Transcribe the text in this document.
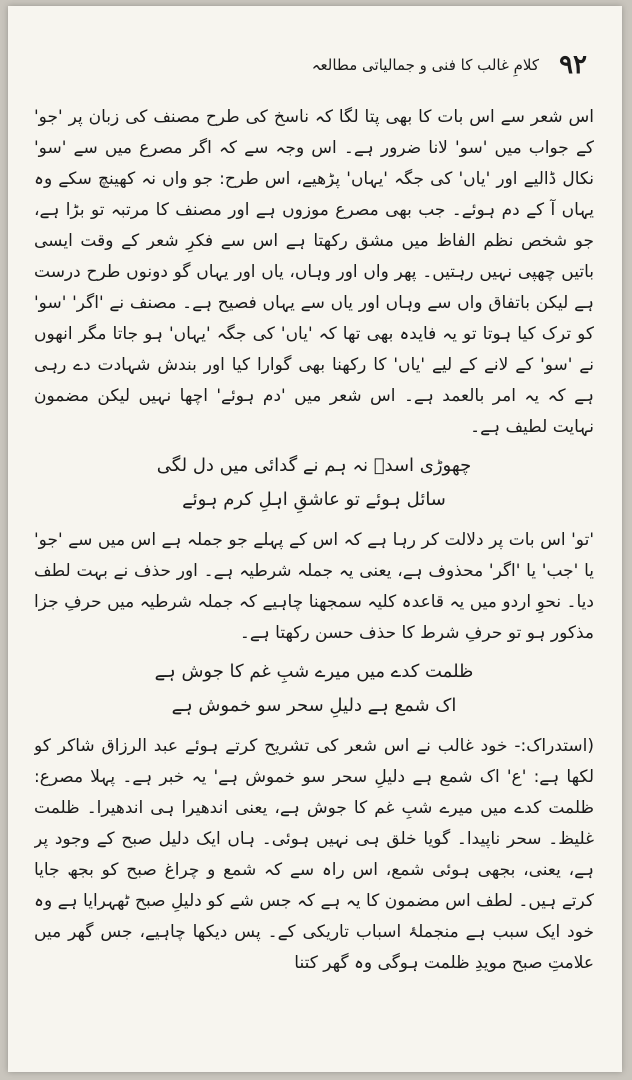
۹۲
کلامِ غالب کا فنی و جمالیاتی مطالعہ

اس شعر سے اس بات کا بھی پتا لگا کہ ناسخ کی طرح مصنف کی زبان پر 'جو' کے جواب میں 'سو' لانا ضرور ہے۔ اس وجہ سے کہ اگر مصرع میں سے 'سو' نکال ڈالیے اور 'یاں' کی جگہ 'یہاں' پڑھیے، اس طرح: جو واں نہ کھینچ سکے وہ یہاں آ کے دم ہوئے۔ جب بھی مصرع موزوں ہے اور مصنف کا مرتبہ تو بڑا ہے، جو شخص نظم الفاظ میں مشق رکھتا ہے اس سے فکرِ شعر کے وقت ایسی باتیں چھپی نہیں رہتیں۔ پھر واں اور وہاں، یاں اور یہاں گو دونوں طرح درست ہے لیکن باتفاق واں سے وہاں اور یاں سے یہاں فصیح ہے۔ مصنف نے 'اگر' 'سو' کو ترک کیا ہوتا تو یہ فایدہ بھی تھا کہ 'یاں' کی جگہ 'یہاں' ہو جاتا مگر انھوں نے 'سو' کے لانے کے لیے 'یاں' کا رکھنا بھی گوارا کیا اور بندش شہادت دے رہی ہے کہ یہ امر بالعمد ہے۔ اس شعر میں 'دم ہوئے' اچھا نہیں لیکن مضمون نہایت لطیف ہے۔

چھوڑی اسدؔ نہ ہم نے گدائی میں دل لگی

سائل ہوئے تو عاشقِ اہلِ کرم ہوئے

'تو' اس بات پر دلالت کر رہا ہے کہ اس کے پہلے جو جملہ ہے اس میں سے 'جو' یا 'جب' یا 'اگر' محذوف ہے، یعنی یہ جملہ شرطیہ ہے۔ اور حذف نے بہت لطف دیا۔ نحوِ اردو میں یہ قاعدہ کلیہ سمجھنا چاہیے کہ جملہ شرطیہ میں حرفِ جزا مذکور ہو تو حرفِ شرط کا حذف حسن رکھتا ہے۔

ظلمت کدے میں میرے شبِ غم کا جوش ہے

اک شمع ہے دلیلِ سحر سو خموش ہے

(استدراک:- خود غالب نے اس شعر کی تشریح کرتے ہوئے عبد الرزاق شاکر کو لکھا ہے: 'ع' اک شمع ہے دلیلِ سحر سو خموش ہے' یہ خبر ہے۔ پہلا مصرع: ظلمت کدے میں میرے شبِ غم کا جوش ہے، یعنی اندھیرا ہی اندھیرا۔ ظلمت غلیظ۔ سحر ناپیدا۔ گویا خلق ہی نہیں ہوئی۔ ہاں ایک دلیل صبح کے وجود پر ہے، یعنی، بجھی ہوئی شمع، اس راہ سے کہ شمع و چراغ صبح کو بجھ جایا کرتے ہیں۔ لطف اس مضمون کا یہ ہے کہ جس شے کو دلیلِ صبح ٹھہرایا ہے وہ خود ایک سبب ہے منجملۂ اسباب تاریکی کے۔ پس دیکھا چاہیے، جس گھر میں علامتِ صبح مویدِ ظلمت ہوگی وہ گھر کتنا
